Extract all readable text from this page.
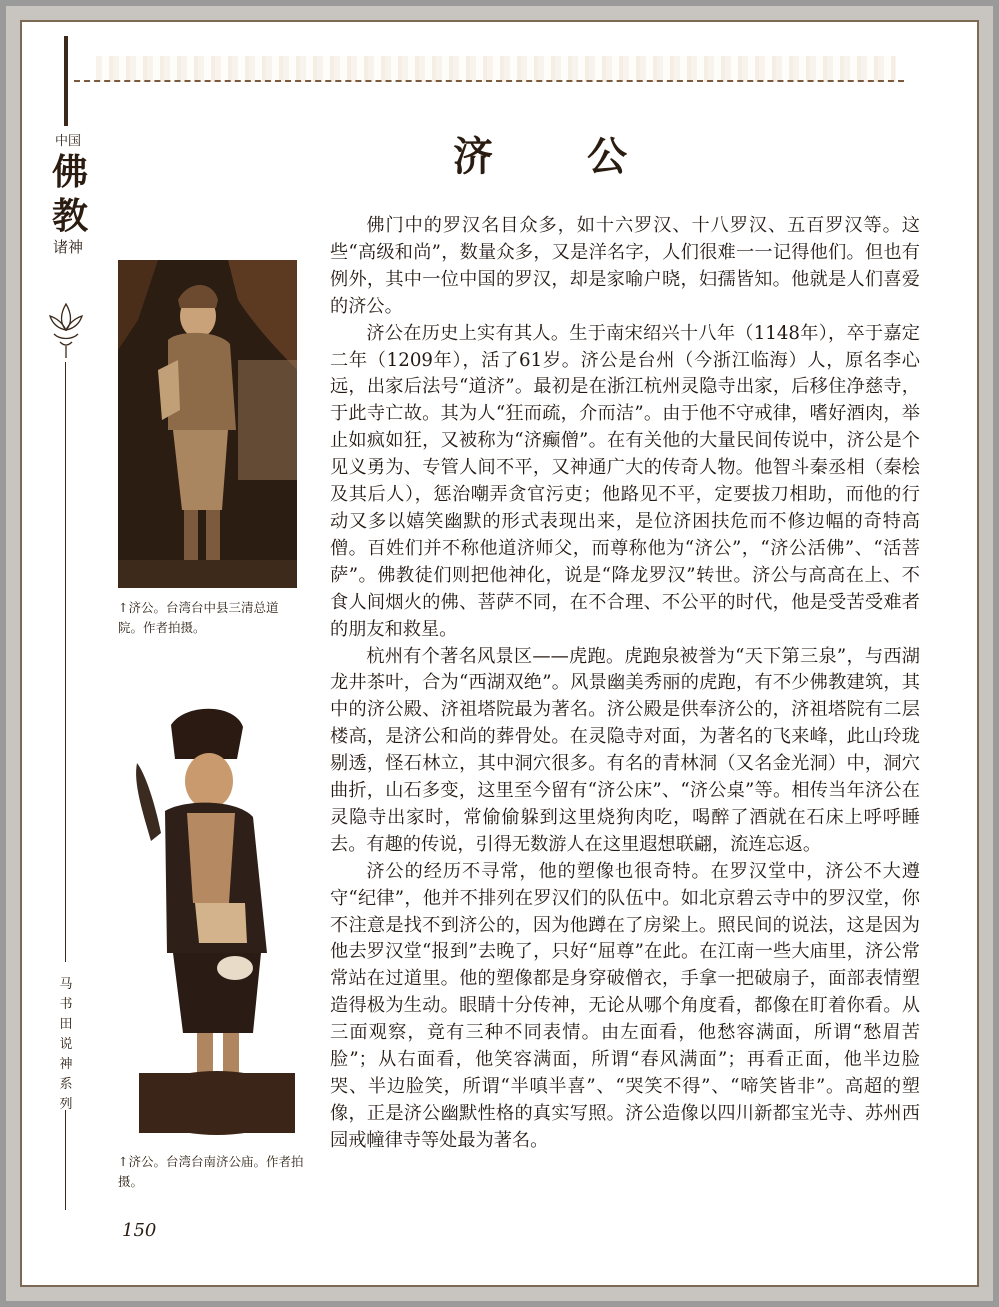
中国
佛
教
诸神
马书田说神系列
济 公

佛门中的罗汉名目众多，如十六罗汉、十八罗汉、五百罗汉等。这些“高级和尚”，数量众多，又是洋名字，人们很难一一记得他们。但也有例外，其中一位中国的罗汉，却是家喻户晓，妇孺皆知。他就是人们喜爱的济公。

济公在历史上实有其人。生于南宋绍兴十八年（1148年），卒于嘉定二年（1209年），活了61岁。济公是台州（今浙江临海）人，原名李心远，出家后法号“道济”。最初是在浙江杭州灵隐寺出家，后移住净慈寺，于此寺亡故。其为人“狂而疏，介而洁”。由于他不守戒律，嗜好酒肉，举止如疯如狂，又被称为“济癫僧”。在有关他的大量民间传说中，济公是个见义勇为、专管人间不平，又神通广大的传奇人物。他智斗秦丞相（秦桧及其后人），惩治嘲弄贪官污吏；他路见不平，定要拔刀相助，而他的行动又多以嬉笑幽默的形式表现出来，是位济困扶危而不修边幅的奇特高僧。百姓们并不称他道济师父，而尊称他为“济公”，“济公活佛”、“活菩萨”。佛教徒们则把他神化，说是“降龙罗汉”转世。济公与高高在上、不食人间烟火的佛、菩萨不同，在不合理、不公平的时代，他是受苦受难者的朋友和救星。

杭州有个著名风景区——虎跑。虎跑泉被誉为“天下第三泉”，与西湖龙井茶叶，合为“西湖双绝”。风景幽美秀丽的虎跑，有不少佛教建筑，其中的济公殿、济祖塔院最为著名。济公殿是供奉济公的，济祖塔院有二层楼高，是济公和尚的葬骨处。在灵隐寺对面，为著名的飞来峰，此山玲珑剔透，怪石林立，其中洞穴很多。有名的青林洞（又名金光洞）中，洞穴曲折，山石多变，这里至今留有“济公床”、“济公桌”等。相传当年济公在灵隐寺出家时，常偷偷躲到这里烧狗肉吃，喝醉了酒就在石床上呼呼睡去。有趣的传说，引得无数游人在这里遐想联翩，流连忘返。

济公的经历不寻常，他的塑像也很奇特。在罗汉堂中，济公不大遵守“纪律”，他并不排列在罗汉们的队伍中。如北京碧云寺中的罗汉堂，你不注意是找不到济公的，因为他蹲在了房梁上。照民间的说法，这是因为他去罗汉堂“报到”去晚了，只好“屈尊”在此。在江南一些大庙里，济公常常站在过道里。他的塑像都是身穿破僧衣，手拿一把破扇子，面部表情塑造得极为生动。眼睛十分传神，无论从哪个角度看，都像在盯着你看。从三面观察，竟有三种不同表情。由左面看，他愁容满面，所谓“愁眉苦脸”；从右面看，他笑容满面，所谓“春风满面”；再看正面，他半边脸哭、半边脸笑，所谓“半嗔半喜”、“哭笑不得”、“啼笑皆非”。高超的塑像，正是济公幽默性格的真实写照。济公造像以四川新都宝光寺、苏州西园戒幢律寺等处最为著名。

↑济公。台湾台中县三清总道院。作者拍摄。
↑济公。台湾台南济公庙。作者拍摄。
150
